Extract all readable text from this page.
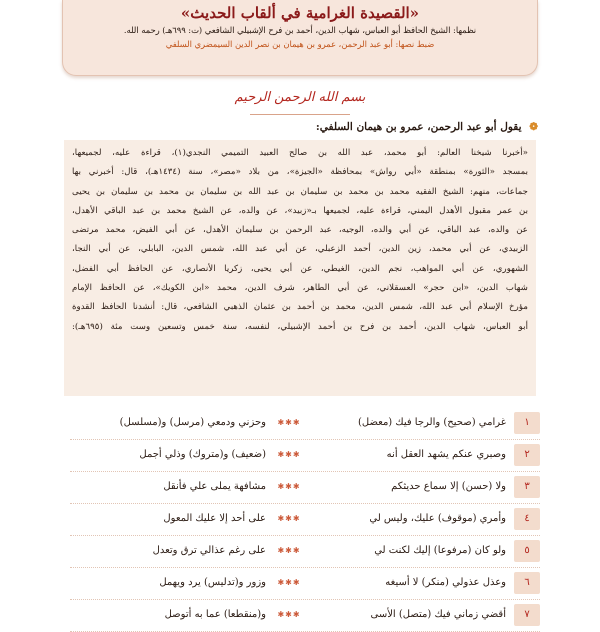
«القصيدة الغرامية في ألقاب الحديث»
نظمها: الشيخ الحافظ أبو العباس، شهاب الدين، أحمد بن فرح الإشبيلي الشافعي (ت: ٦٩٩هـ) رحمه الله.
ضبط نصها: أبو عبد الرحمن، عمرو بن هيمان بن نصر الدين السيمضري السلفي
بسم الله الرحمن الرحيم
❁ يقول أبو عبد الرحمن، عمرو بن هيمان السلفي:
«أخبرنا شيخنا العالم: أبو محمد، عبد الله بن صالح العبيد التميمي النجدي(١)، قراءة عليه، لجميعها،
بمسجد «الثورة» بمنطقة «أبي رواش» بمحافظة «الجيزة»، من بلاد «مصر»، سنة (١٤٣٤هـ)، قال: أخبرني بها
جماعات، منهم: الشيخ الفقيه محمد بن محمد بن سليمان بن عبد الله بن سليمان بن محمد بن سليمان بن يحيى
بن عمر مقبول الأهدل اليمني، قراءة عليه، لجميعها بـ«زبيد»، عن والده، عن الشيخ محمد بن عبد الباقي الأهدل،
عن والده، عبد الباقي، عن أبي والده، الوجيه، عبد الرحمن بن سليمان الأهدل، عن أبي الفيض، محمد مرتضى
الزبيدي، عن أبي محمد، زين الدين، أحمد الزعبلي، عن أبي عبد الله، شمس الدين، البابلي، عن أبي النجا،
الشهوري، عن أبي المواهب، نجم الدين، الغيطي، عن أبي يحيى، زكريا الأنصاري، عن الحافظ أبي الفضل،
شهاب الدين، «ابن حجر» العسقلاني، عن أبي الطاهر، شرف الدين، محمد «ابن الكويك»، عن الحافظ الإمام
مؤرخ الإسلام أبي عبد الله، شمس الدين، محمد بن أحمد بن عثمان الذهبي الشافعي، قال: أنشدنا الحافظ القدوة
أبو العباس، شهاب الدين، أحمد بن فرح بن أحمد الإشبيلي، لنفسه، سنة خمس وتسعين وست مئة (٦٩٥هـ):
١
غرامي (صحيح) والرجا فيك (معضل)
✱✱✱
وحزني ودمعي (مرسل) و(مسلسل)
٢
وصبري عنكم يشهد العقل أنه
✱✱✱
(ضعيف) و(متروك) وذلي أجمل
٣
ولا (حسن) إلا سماع حديثكم
✱✱✱
مشافهة يملى علي فأنقل
٤
وأمري (موقوف) عليك، وليس لي
✱✱✱
على أحد إلا عليك المعول
٥
ولو كان (مرفوعا) إليك لكنت لي
✱✱✱
على رغم عذالي ترق وتعدل
٦
وعذل عذولي (منكر) لا أسيغه
✱✱✱
وزور و(تدليس) يرد ويهمل
٧
أقضي زماني فيك (متصل) الأسى
✱✱✱
و(منقطعا) عما به أتوصل
